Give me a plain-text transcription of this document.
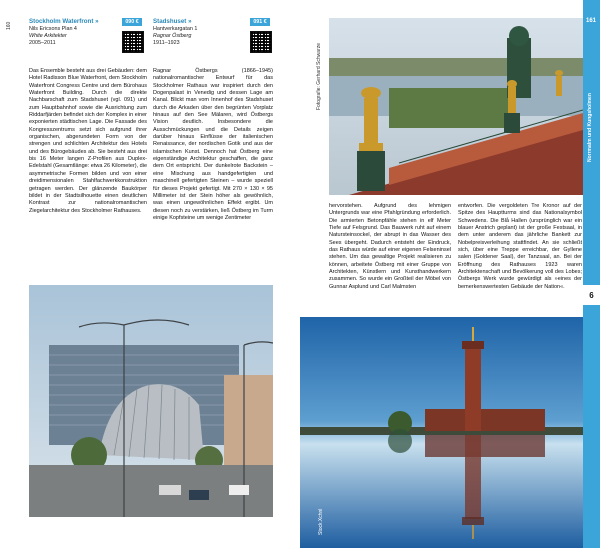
160
Stockholm Waterfront »
Nils Ericsons Plan 4
White Arkitekter
2005–2011
090 €	Stadshuset »
Hantverkargatan 1
Ragnar Östberg
1911–1923
091 €

Das Ensemble besteht aus drei Gebäuden: dem Hotel Radisson Blue Waterfront, dem Stockholm Waterfront Congress Centre und dem Bürohaus Waterfront Building. Durch die direkte Nachbarschaft zum Stadshuset (vgl. 091) und zum Hauptbahnhof sowie die Ausrichtung zum Riddarfjärden befindet sich der Komplex in einer exponierten städtischen Lage. Die Fassade des Kongresszentrums setzt sich aufgrund ihrer organischen, abgerundeten Form von der strengen und schlichten Architektur des Hotels und des Bürogebäudes ab. Sie besteht aus drei bis 16 Meter langen Z-Profilen aus Duplex-Edelstahl (Gesamtlänge: etwa 26 Kilometer), die asymmetrische Formen bilden und von einer dreidimensionalen Stahlfachwerkkonstruktion getragen werden. Der glänzende Baukörper bildet in der Stadtsilhouette einen deutlichen Kontrast zur nationalromantischen Ziegelarchitektur des Stockholmer Rathauses.

Ragnar Östbergs (1866–1945) nationalromantischer Entwurf für das Stockholmer Rathaus war inspiriert durch den Dogenpalast in Venedig und dessen Lage am Kanal. Blickt man vom Innenhof des Stadshuset durch die Arkaden über den begrünten Vorplatz hinaus auf den See Mälaren, wird Östbergs Vision deutlich. Insbesondere die Ausschmückungen und die Details zeigen darüber hinaus Einflüsse der italienischen Renaissance, der nordischen Gotik und aus der islamischen Kunst. Dennoch hat Östberg eine eigenständige Architektur geschaffen, die ganz dem Ort entspricht. Der dunkelrote Backstein – eine Mischung aus handgefertigten und maschinell gefertigten Steinen – wurde speziell für dieses Projekt gefertigt. Mit 270 × 130 × 95 Millimeter ist der Stein höher als gewöhnlich, was einen ungewöhnlichen Effekt ergibt. Um diesen noch zu verstärken, ließ Östberg im Turm einige Kopfsteine um wenige Zentimeter

Fotografie: Gerhard Schwarze

hervorstehen. Aufgrund des lehmigen Untergrunds war eine Pfahlgründung erforderlich. Die armierten Betonpfähle stehen in elf Meter Tiefe auf Felsgrund. Das Bauwerk ruht auf einem Natursteinsockel, der abrupt in das Wasser des Sees übergeht. Dadurch entsteht der Eindruck, das Rathaus würde auf einer eigenen Felseninsel stehen. Um das gewaltige Projekt realisieren zu können, arbeitete Östberg mit einer Gruppe von Architekten, Künstlern und Kunsthandwerkern zusammen. So wurde ein Großteil der Möbel von Gunnar Asplund und Carl Malmsten

entworfen. Die vergoldeten Tre Kronor auf der Spitze des Hauptturms sind das Nationalsymbol Schwedens. Die Blå Hallen (ursprünglich war ein blauer Anstrich geplant) ist der große Festsaal, in dem unter anderem das jährliche Bankett zur Nobelpreisverleihung stattfindet. An sie schließt sich, über eine Treppe erreichbar, der Gyllene salen (Goldener Saal), der Tanzsaal, an. Bei der Eröffnung des Rathauses 1923 waren Architektenschaft und Bevölkerung voll des Lobes; Östbergs Werk wurde gewürdigt als »eines der bemerkenswertesten Gebäude der Nation«.

Stock.Xchnl
161
Norrmalm und Kungsholmen
6
